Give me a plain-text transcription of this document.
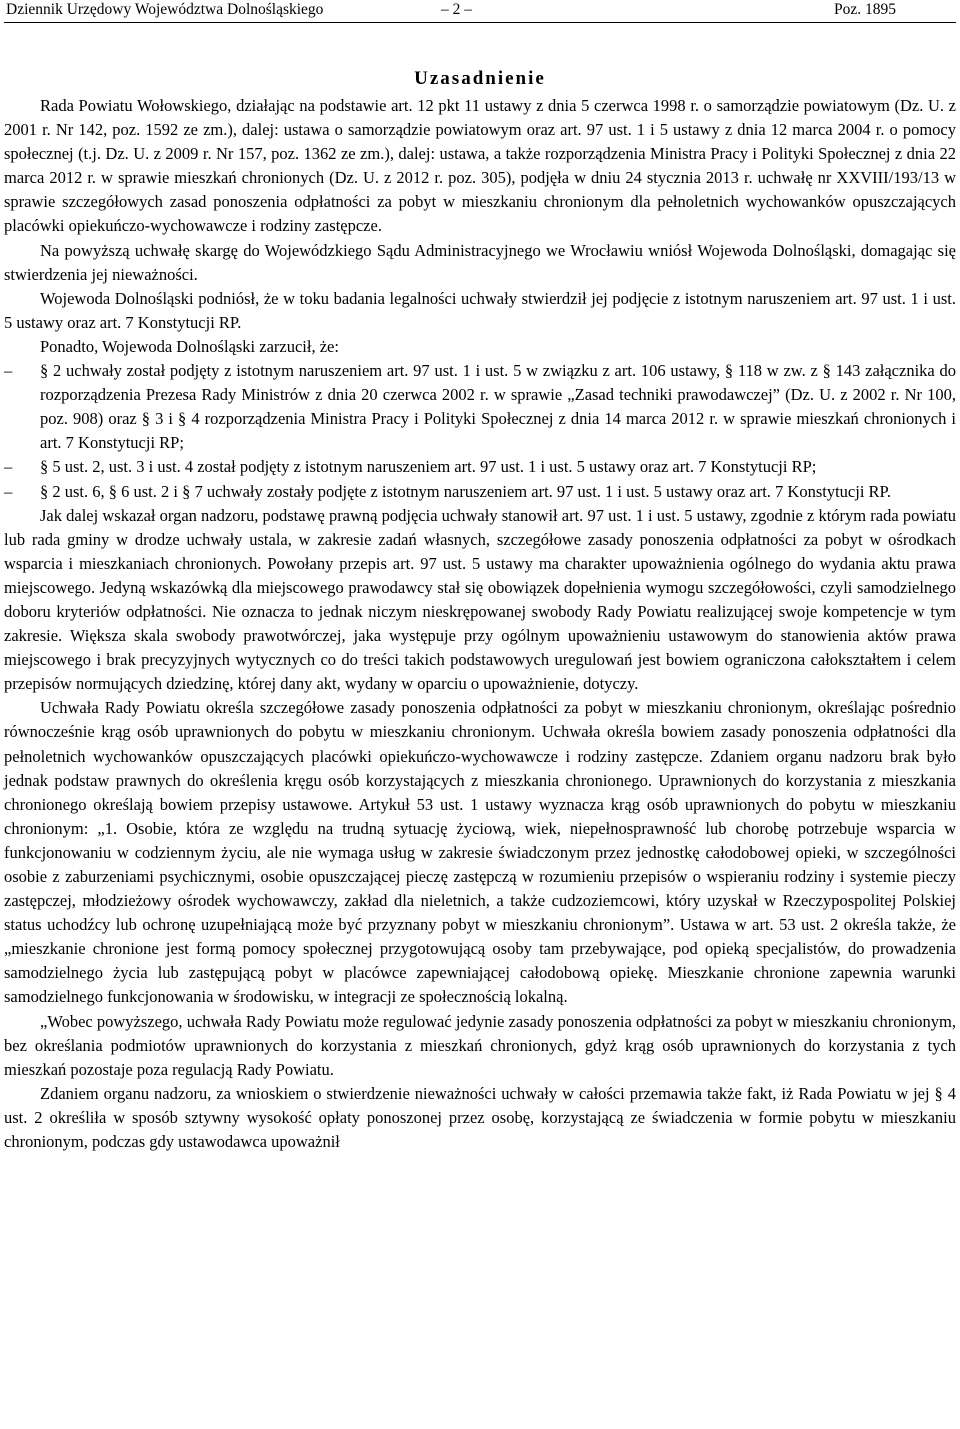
Dziennik Urzędowy Województwa Dolnośląskiego	– 2 –	Poz. 1895
Uzasadnienie

Rada Powiatu Wołowskiego, działając na podstawie art. 12 pkt 11 ustawy z dnia 5 czerwca 1998 r. o samorządzie powiatowym (Dz. U. z 2001 r. Nr 142, poz. 1592 ze zm.), dalej: ustawa o samorządzie powiatowym oraz art. 97 ust. 1 i 5 ustawy z dnia 12 marca 2004 r. o pomocy społecznej (t.j. Dz. U. z 2009 r. Nr 157, poz. 1362 ze zm.), dalej: ustawa, a także rozporządzenia Ministra Pracy i Polityki Społecznej z dnia 22 marca 2012 r. w sprawie mieszkań chronionych (Dz. U. z 2012 r. poz. 305), podjęła w dniu 24 stycznia 2013 r. uchwałę nr XXVIII/193/13 w sprawie szczegółowych zasad ponoszenia odpłatności za pobyt w mieszkaniu chronionym dla pełnoletnich wychowanków opuszczających placówki opiekuńczo-wychowawcze i rodziny zastępcze.

Na powyższą uchwałę skargę do Wojewódzkiego Sądu Administracyjnego we Wrocławiu wniósł Wojewoda Dolnośląski, domagając się stwierdzenia jej nieważności.

Wojewoda Dolnośląski podniósł, że w toku badania legalności uchwały stwierdził jej podjęcie z istotnym naruszeniem art. 97 ust. 1 i ust. 5 ustawy oraz art. 7 Konstytucji RP.

Ponadto, Wojewoda Dolnośląski zarzucił, że:

– § 2 uchwały został podjęty z istotnym naruszeniem art. 97 ust. 1 i ust. 5 w związku z art. 106 ustawy, § 118 w zw. z § 143 załącznika do rozporządzenia Prezesa Rady Ministrów z dnia 20 czerwca 2002 r. w sprawie „Zasad techniki prawodawczej” (Dz. U. z 2002 r. Nr 100, poz. 908) oraz § 3 i § 4 rozporządzenia Ministra Pracy i Polityki Społecznej z dnia 14 marca 2012 r. w sprawie mieszkań chronionych i art. 7 Konstytucji RP;
– § 5 ust. 2, ust. 3 i ust. 4 został podjęty z istotnym naruszeniem art. 97 ust. 1 i ust. 5 ustawy oraz art. 7 Konstytucji RP;
– § 2 ust. 6, § 6 ust. 2 i § 7 uchwały zostały podjęte z istotnym naruszeniem art. 97 ust. 1 i ust. 5 ustawy oraz art. 7 Konstytucji RP.

Jak dalej wskazał organ nadzoru, podstawę prawną podjęcia uchwały stanowił art. 97 ust. 1 i ust. 5 ustawy, zgodnie z którym rada powiatu lub rada gminy w drodze uchwały ustala, w zakresie zadań własnych, szczegółowe zasady ponoszenia odpłatności za pobyt w ośrodkach wsparcia i mieszkaniach chronionych. Powołany przepis art. 97 ust. 5 ustawy ma charakter upoważnienia ogólnego do wydania aktu prawa miejscowego. Jedyną wskazówką dla miejscowego prawodawcy stał się obowiązek dopełnienia wymogu szczegółowości, czyli samodzielnego doboru kryteriów odpłatności. Nie oznacza to jednak niczym nieskrępowanej swobody Rady Powiatu realizującej swoje kompetencje w tym zakresie. Większa skala swobody prawotwórczej, jaka występuje przy ogólnym upoważnieniu ustawowym do stanowienia aktów prawa miejscowego i brak precyzyjnych wytycznych co do treści takich podstawowych uregulowań jest bowiem ograniczona całokształtem i celem przepisów normujących dziedzinę, której dany akt, wydany w oparciu o upoważnienie, dotyczy.

Uchwała Rady Powiatu określa szczegółowe zasady ponoszenia odpłatności za pobyt w mieszkaniu chronionym, określając pośrednio równocześnie krąg osób uprawnionych do pobytu w mieszkaniu chronionym. Uchwała określa bowiem zasady ponoszenia odpłatności dla pełnoletnich wychowanków opuszczających placówki opiekuńczo-wychowawcze i rodziny zastępcze. Zdaniem organu nadzoru brak było jednak podstaw prawnych do określenia kręgu osób korzystających z mieszkania chronionego. Uprawnionych do korzystania z mieszkania chronionego określają bowiem przepisy ustawowe. Artykuł 53 ust. 1 ustawy wyznacza krąg osób uprawnionych do pobytu w mieszkaniu chronionym: „1. Osobie, która ze względu na trudną sytuację życiową, wiek, niepełnosprawność lub chorobę potrzebuje wsparcia w funkcjonowaniu w codziennym życiu, ale nie wymaga usług w zakresie świadczonym przez jednostkę całodobowej opieki, w szczególności osobie z zaburzeniami psychicznymi, osobie opuszczającej pieczę zastępczą w rozumieniu przepisów o wspieraniu rodziny i systemie pieczy zastępczej, młodzieżowy ośrodek wychowawczy, zakład dla nieletnich, a także cudzoziemcowi, który uzyskał w Rzeczypospolitej Polskiej status uchodźcy lub ochronę uzupełniającą może być przyznany pobyt w mieszkaniu chronionym”. Ustawa w art. 53 ust. 2 określa także, że „mieszkanie chronione jest formą pomocy społecznej przygotowującą osoby tam przebywające, pod opieką specjalistów, do prowadzenia samodzielnego życia lub zastępującą pobyt w placówce zapewniającej całodobową opiekę. Mieszkanie chronione zapewnia warunki samodzielnego funkcjonowania w środowisku, w integracji ze społecznością lokalną.

„Wobec powyższego, uchwała Rady Powiatu może regulować jedynie zasady ponoszenia odpłatności za pobyt w mieszkaniu chronionym, bez określania podmiotów uprawnionych do korzystania z mieszkań chronionych, gdyż krąg osób uprawnionych do korzystania z tych mieszkań pozostaje poza regulacją Rady Powiatu.

Zdaniem organu nadzoru, za wnioskiem o stwierdzenie nieważności uchwały w całości przemawia także fakt, iż Rada Powiatu w jej § 4 ust. 2 określiła w sposób sztywny wysokość opłaty ponoszonej przez osobę, korzystającą ze świadczenia w formie pobytu w mieszkaniu chronionym, podczas gdy ustawodawca upoważnił
